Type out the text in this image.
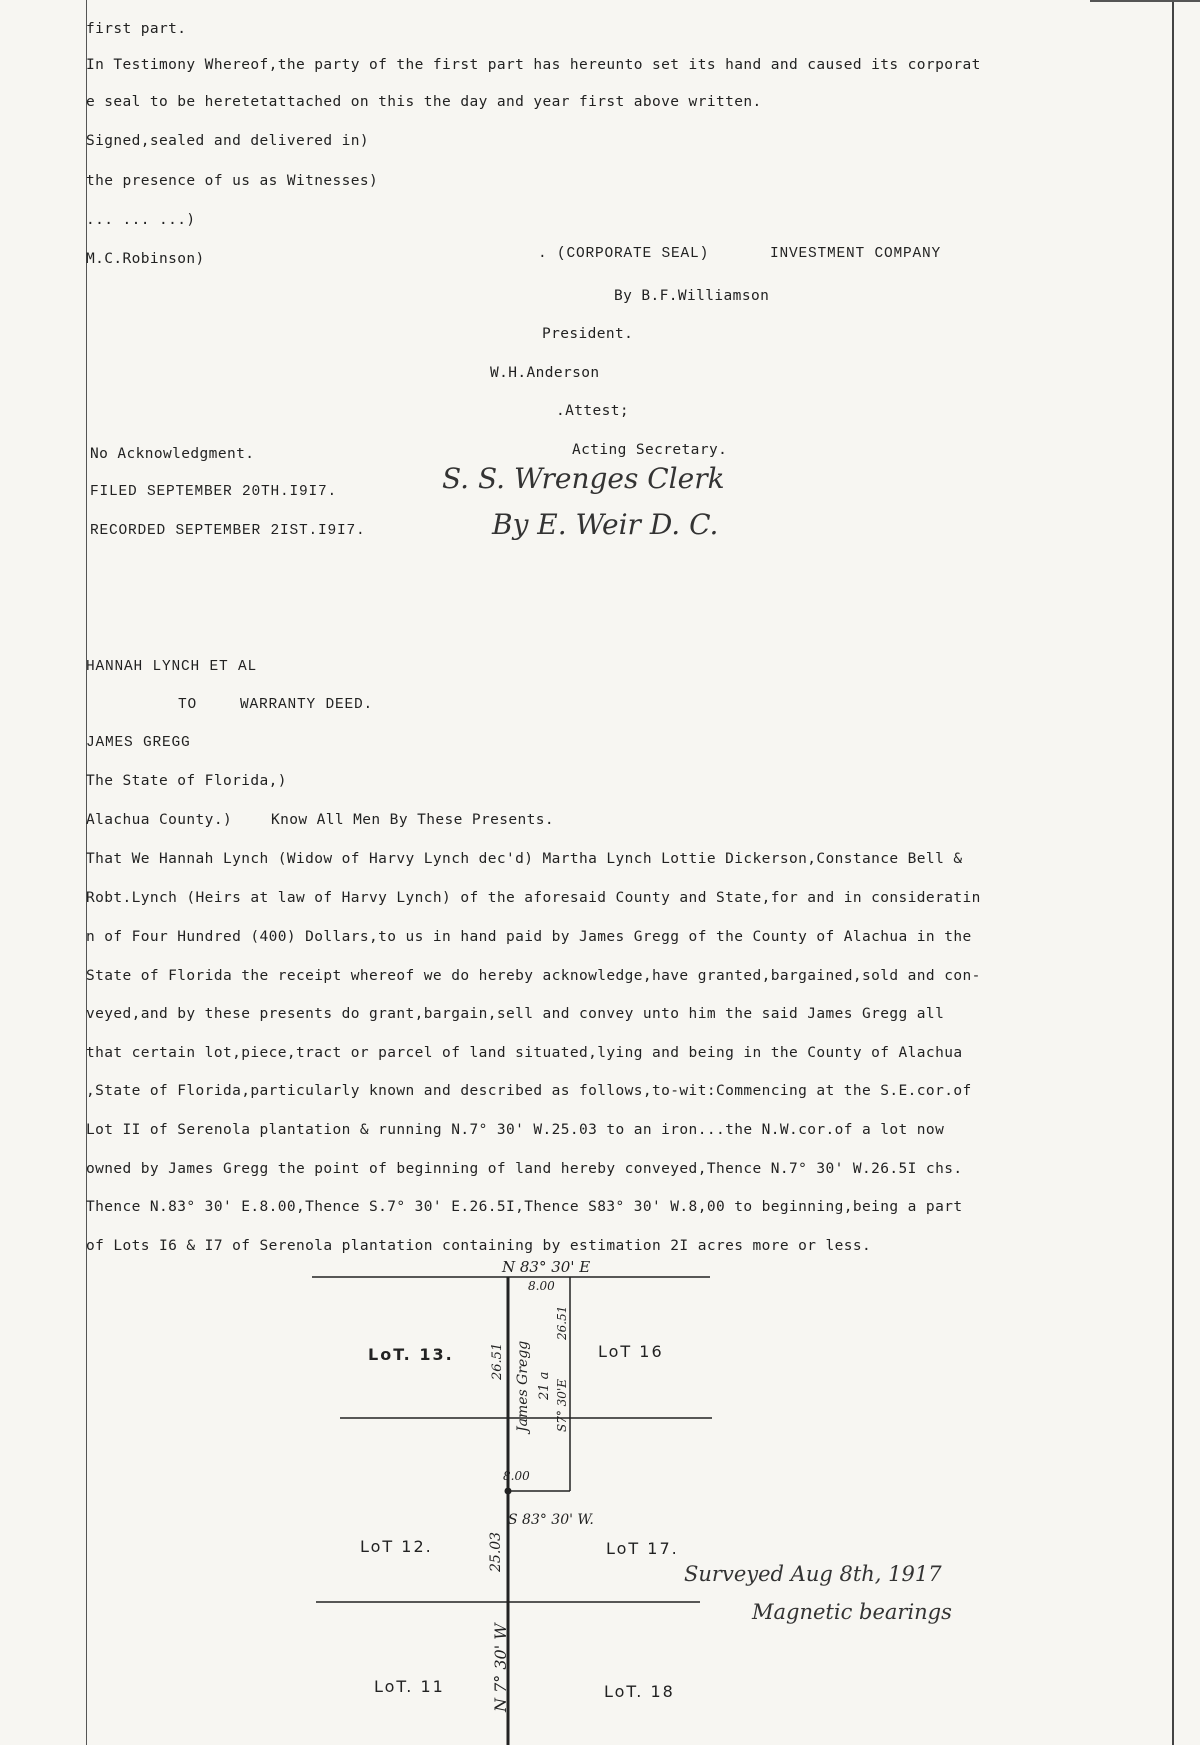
first part.
In Testimony Whereof,the party of the first part has hereunto set its hand and caused its corporat
e seal to be heretetattached on this the day and year first above written.
Signed,sealed and delivered in)
the presence of us as Witnesses)
... ... ...)
M.C.Robinson)	. (CORPORATE SEAL)	INVESTMENT COMPANY
By B.F.Williamson
President.
W.H.Anderson
.Attest;
Acting Secretary.
No Acknowledgment.
FILED SEPTEMBER 20TH.I9I7.
RECORDED SEPTEMBER 2IST.I9I7.
S. S. Wrenges Clerk
By E. Weir D. C.
HANNAH LYNCH ET AL
TO	WARRANTY DEED.
JAMES GREGG
The State of Florida,)
Alachua County.)	Know All Men By These Presents.
That We Hannah Lynch (Widow of Harvy Lynch dec'd) Martha Lynch Lottie Dickerson,Constance Bell &
Robt.Lynch (Heirs at law of Harvy Lynch) of the aforesaid County and State,for and in consideratin
n of Four Hundred (400) Dollars,to us in hand paid by James Gregg of the County of Alachua in the
State of Florida the receipt whereof we do hereby acknowledge,have granted,bargained,sold and con-
veyed,and by these presents do grant,bargain,sell and convey unto him the said James Gregg all
that certain lot,piece,tract or parcel of land situated,lying and being in the County of Alachua
,State of Florida,particularly known and described as follows,to-wit:Commencing at the S.E.cor.of
Lot II of Serenola plantation & running N.7° 30' W.25.03 to an iron...the N.W.cor.of a lot now
owned by James Gregg the point of beginning of land hereby conveyed,Thence N.7° 30' W.26.5I chs.
Thence N.83° 30' E.8.00,Thence S.7° 30' E.26.5I,Thence S83° 30' W.8,00 to beginning,being a part
of Lots I6 & I7 of Serenola plantation containing by estimation 2I acres more or less.
N 83° 30' E
8.00
8.00
S 83° 30' W.
26.51 James Gregg 21 a S7° 30'E
26.51
25.03
N 7° 30' W
LoT. 13.	LoT 16
LoT 12.	LoT 17.
LoT. 11	LoT. 18
Surveyed Aug 8th, 1917
Magnetic bearings
